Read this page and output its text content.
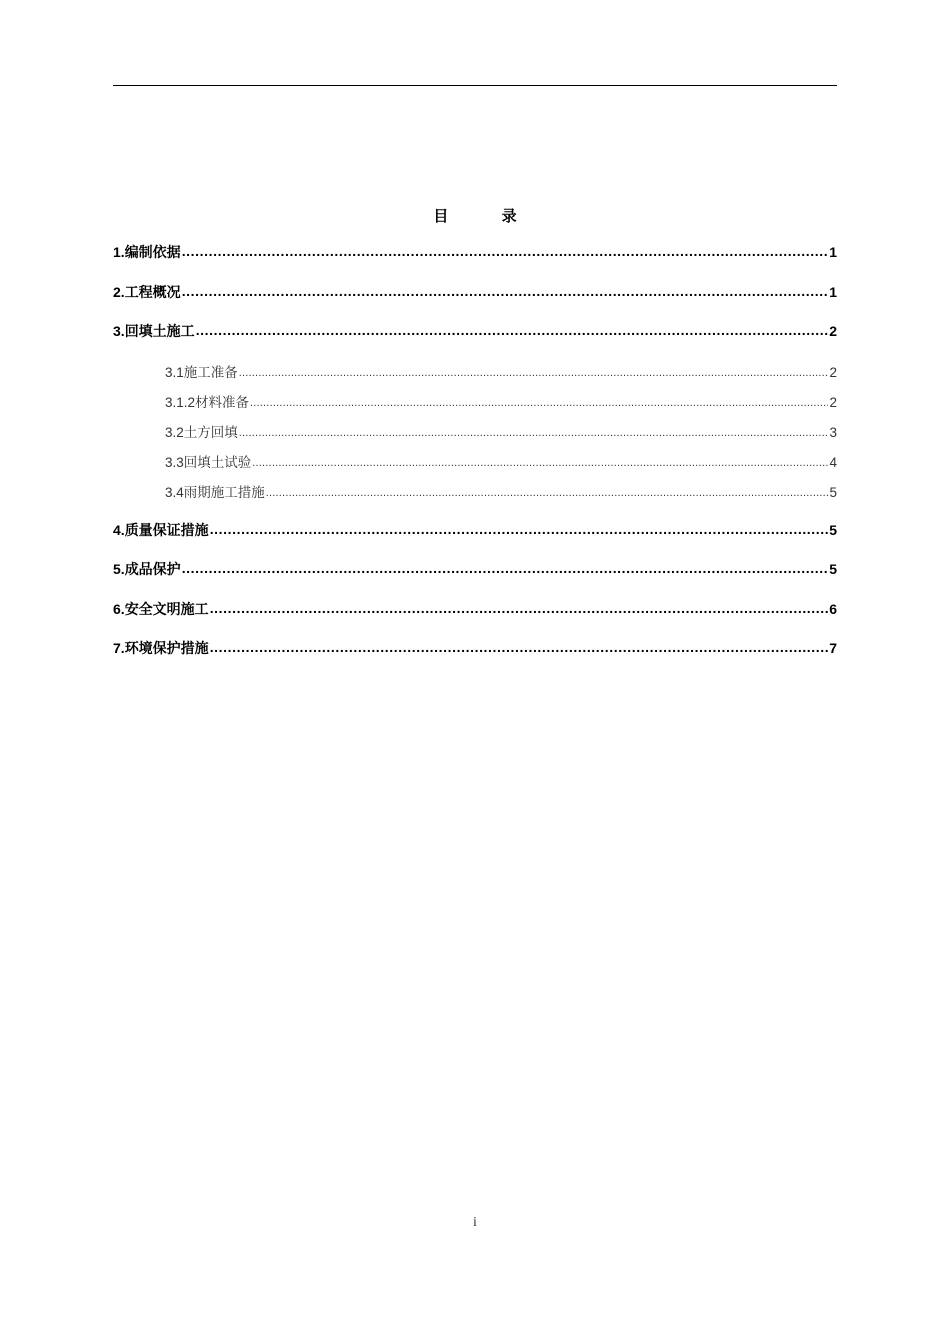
目 录
1. 编制依据 .....	1
2. 工程概况 .....	1
3. 回填土施工 .....	2
3.1 施工准备 .....	2
3.1.2 材料准备 .....	2
3.2 土方回填 .....	3
3.3 回填土试验 .....	4
3.4 雨期施工措施 .....	5
4. 质量保证措施 .....	5
5. 成品保护 .....	5
6. 安全文明施工 .....	6
7. 环境保护措施 .....	7
i
